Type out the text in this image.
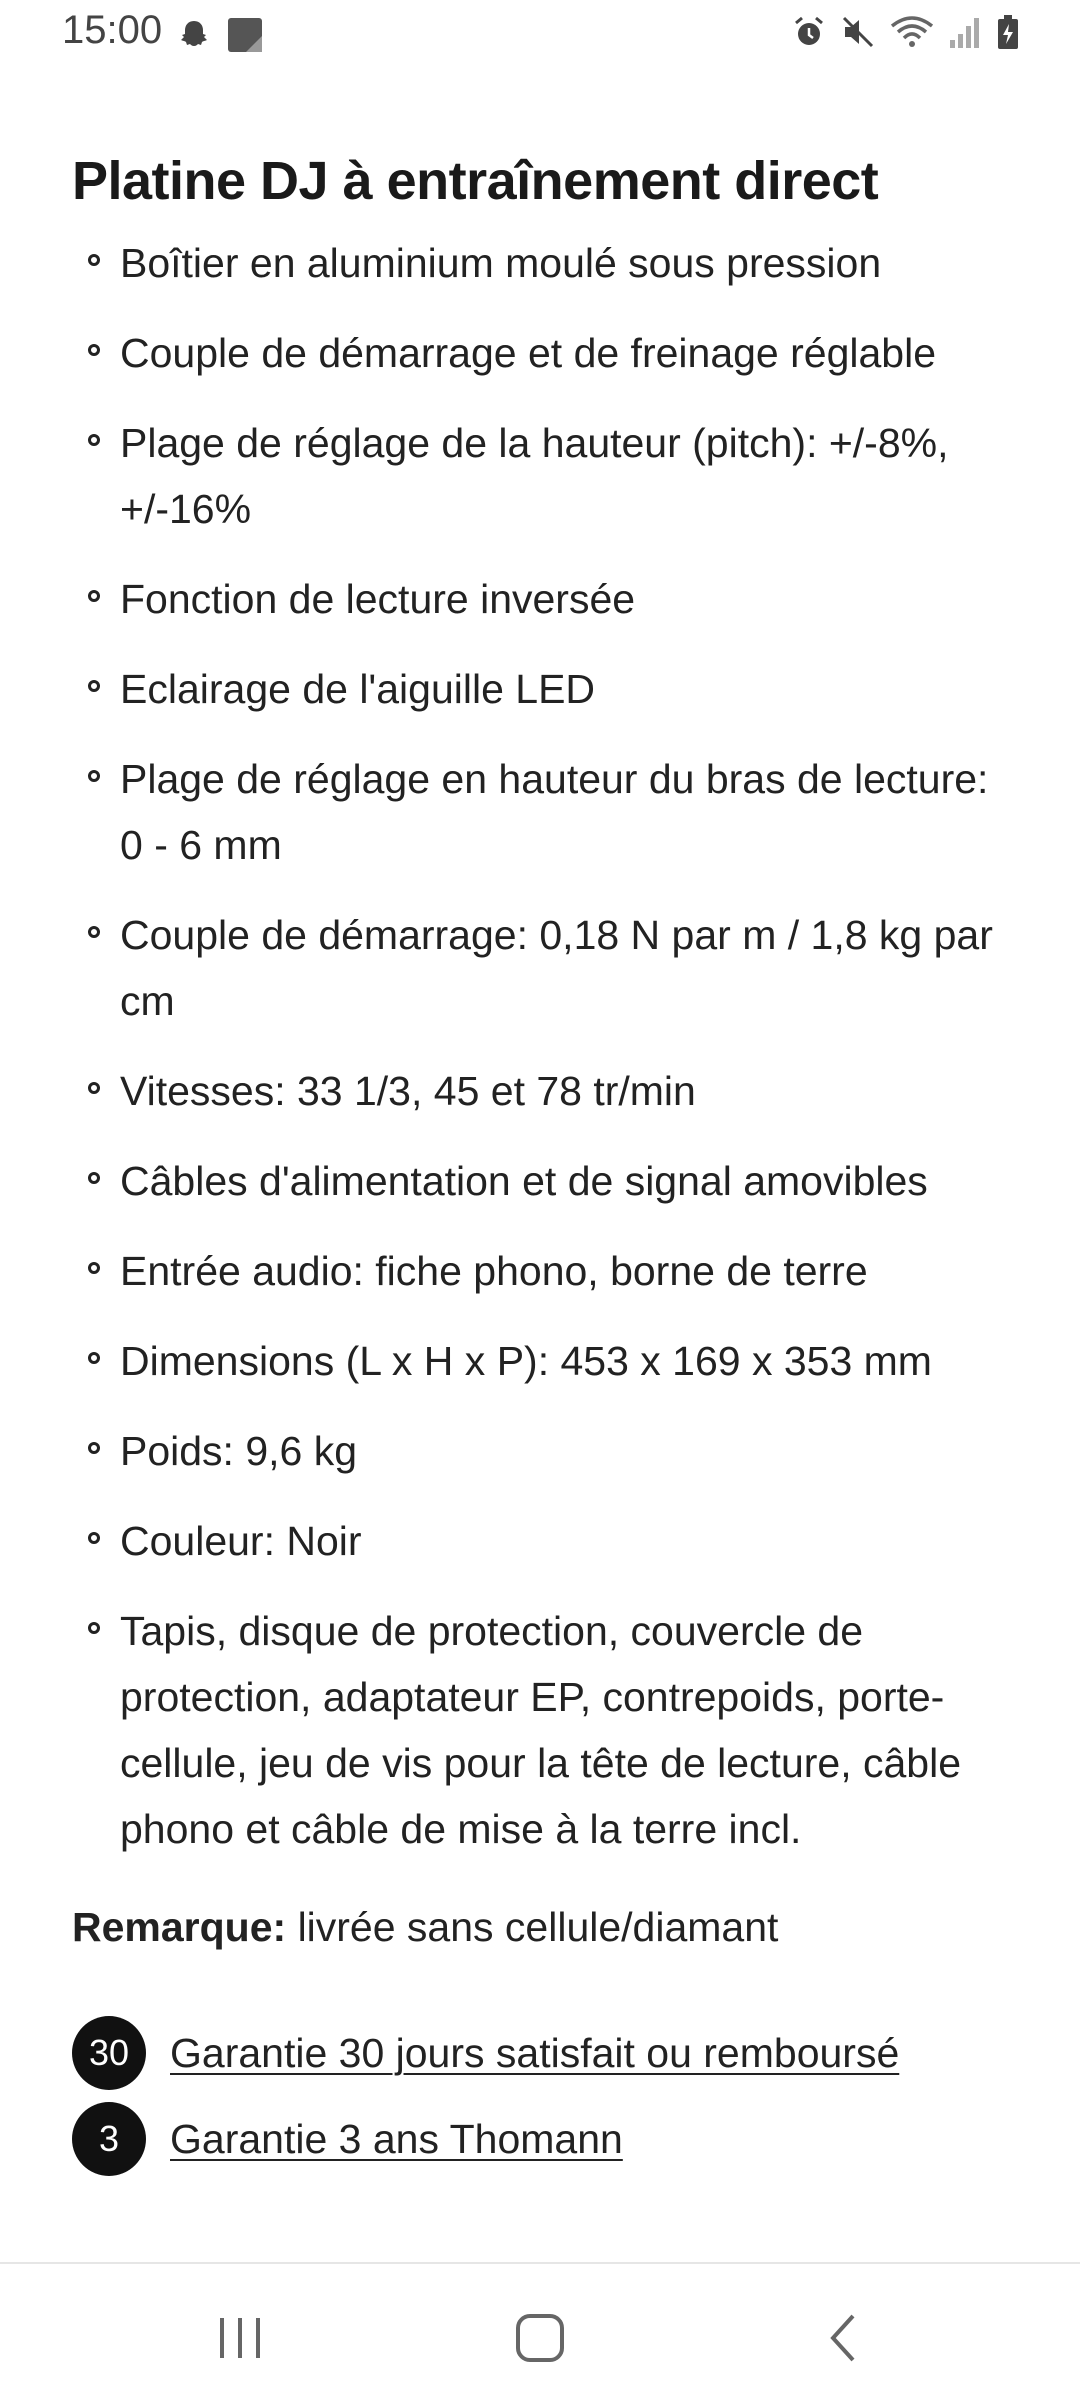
15:00
Platine DJ à entraînement direct
Boîtier en aluminium moulé sous pression
Couple de démarrage et de freinage réglable
Plage de réglage de la hauteur (pitch): +/-8%, +/-16%
Fonction de lecture inversée
Eclairage de l'aiguille LED
Plage de réglage en hauteur du bras de lecture: 0 - 6 mm
Couple de démarrage: 0,18 N par m / 1,8 kg par cm
Vitesses: 33 1/3, 45 et 78 tr/min
Câbles d'alimentation et de signal amovibles
Entrée audio: fiche phono, borne de terre
Dimensions (L x H x P): 453 x 169 x 353 mm
Poids: 9,6 kg
Couleur: Noir
Tapis, disque de protection, couvercle de protection, adaptateur EP, contrepoids, porte-cellule, jeu de vis pour la tête de lecture, câble phono et câble de mise à la terre incl.
Remarque: livrée sans cellule/diamant
30 Garantie 30 jours satisfait ou remboursé
3	Garantie 3 ans Thomann
